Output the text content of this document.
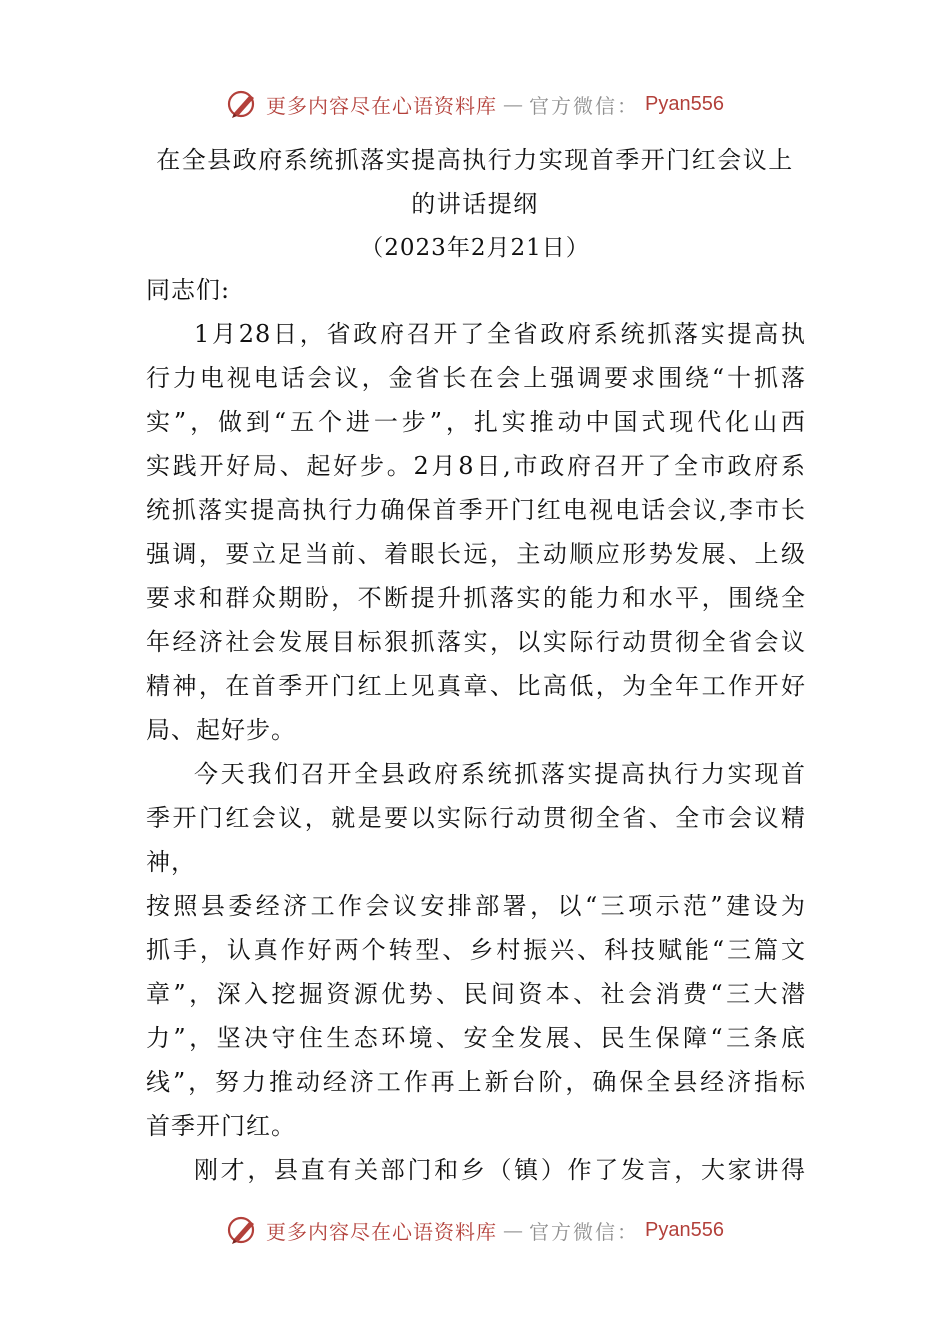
更多内容尽在心语资料库 — 官方微信： Pyan556
在全县政府系统抓落实提高执行力实现首季开门红会议上
的讲话提纲
（2023年2月21日）
同志们:
1月28日，省政府召开了全省政府系统抓落实提高执
行力电视电话会议，金省长在会上强调要求围绕“十抓落
实”，做到“五个进一步”，扎实推动中国式现代化山西
实践开好局、起好步。2月8日,市政府召开了全市政府系
统抓落实提高执行力确保首季开门红电视电话会议,李市长
强调，要立足当前、着眼长远，主动顺应形势发展、上级
要求和群众期盼，不断提升抓落实的能力和水平，围绕全
年经济社会发展目标狠抓落实，以实际行动贯彻全省会议
精神，在首季开门红上见真章、比高低，为全年工作开好
局、起好步。
今天我们召开全县政府系统抓落实提高执行力实现首
季开门红会议，就是要以实际行动贯彻全省、全市会议精
神，
按照县委经济工作会议安排部署，以“三项示范”建设为
抓手，认真作好两个转型、乡村振兴、科技赋能“三篇文
章”，深入挖掘资源优势、民间资本、社会消费“三大潜
力”，坚决守住生态环境、安全发展、民生保障“三条底
线”，努力推动经济工作再上新台阶，确保全县经济指标
首季开门红。
刚才，县直有关部门和乡（镇）作了发言，大家讲得
更多内容尽在心语资料库 — 官方微信： Pyan556
